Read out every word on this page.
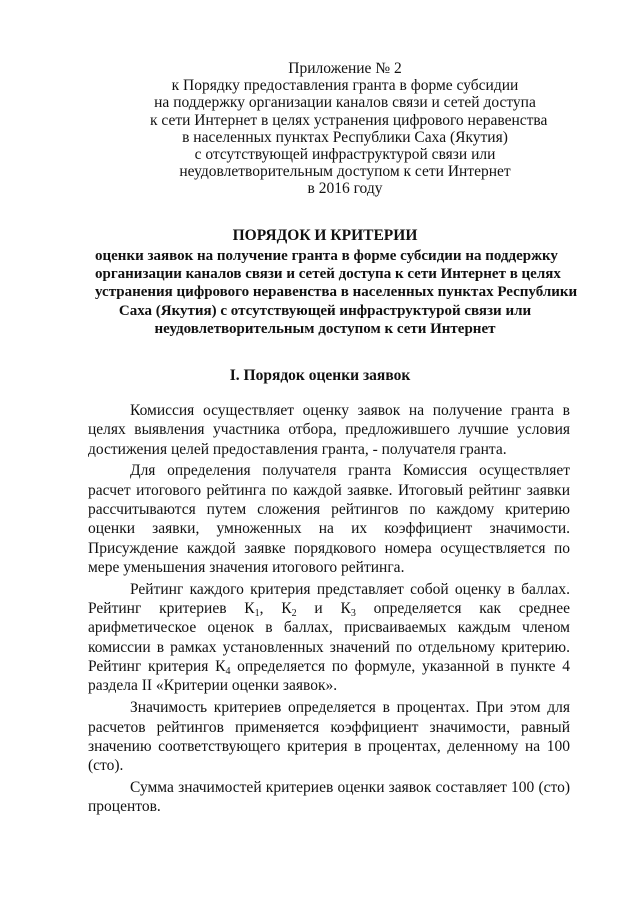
Приложение № 2
к Порядку предоставления гранта в форме субсидии
на поддержку организации каналов связи и сетей доступа
к сети Интернет в целях устранения цифрового неравенства
в населенных пунктах Республики Саха (Якутия)
с отсутствующей инфраструктурой связи или
неудовлетворительным доступом к сети Интернет
в 2016 году
ПОРЯДОК И КРИТЕРИИ
оценки заявок на получение гранта в форме субсидии на поддержку
организации каналов связи и сетей доступа к сети Интернет в целях
устранения цифрового неравенства в населенных пунктах Республики
Саха (Якутия) с отсутствующей инфраструктурой связи или
неудовлетворительным доступом к сети Интернет
I. Порядок оценки заявок

Комиссия осуществляет оценку заявок на получение гранта в целях выявления участника отбора, предложившего лучшие условия достижения целей предоставления гранта, - получателя гранта.

Для определения получателя гранта Комиссия осуществляет расчет итогового рейтинга по каждой заявке. Итоговый рейтинг заявки рассчитываются путем сложения рейтингов по каждому критерию оценки заявки, умноженных на их коэффициент значимости. Присуждение каждой заявке порядкового номера осуществляется по мере уменьшения значения итогового рейтинга.

Рейтинг каждого критерия представляет собой оценку в баллах. Рейтинг критериев $К_1$, $К_2$ и $К_3$ определяется как среднее арифметическое оценок в баллах, присваиваемых каждым членом комиссии в рамках установленных значений по отдельному критерию. Рейтинг критерия $К_4$ определяется по формуле, указанной в пункте 4 раздела II «Критерии оценки заявок».

Значимость критериев определяется в процентах. При этом для расчетов рейтингов применяется коэффициент значимости, равный значению соответствующего критерия в процентах, деленному на 100 (сто).

Сумма значимостей критериев оценки заявок составляет 100 (сто) процентов.
